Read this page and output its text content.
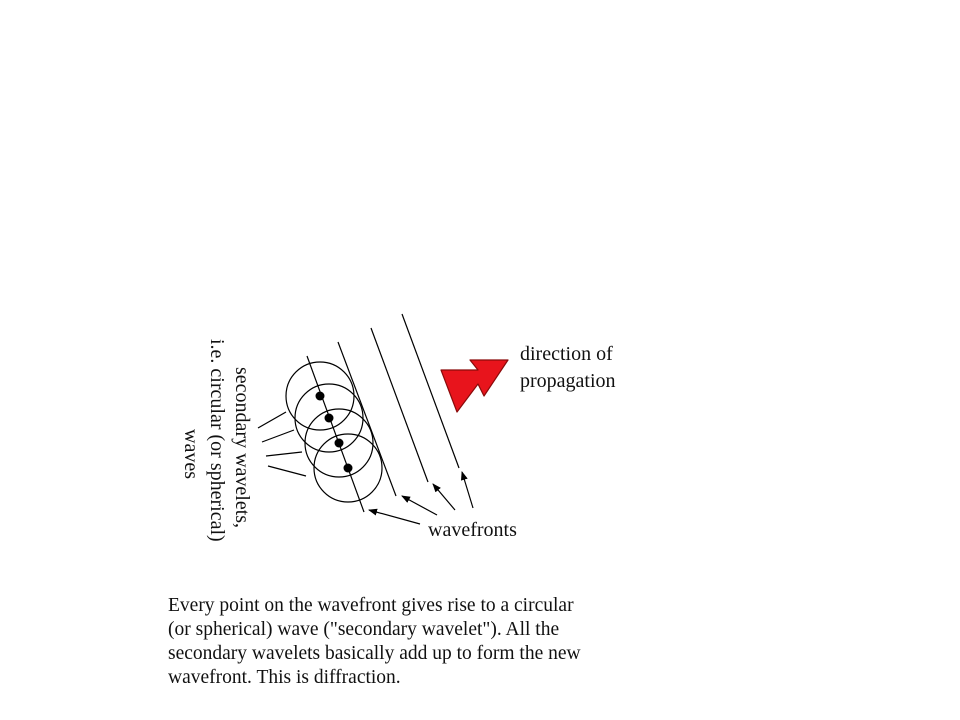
direction of propagation
wavefronts
secondary wavelets,
i.e. circular (or spherical)
waves

Every point on the wavefront gives rise to a circular
(or spherical) wave ("secondary wavelet"). All the
secondary wavelets basically add up to form the new
wavefront. This is diffraction.
